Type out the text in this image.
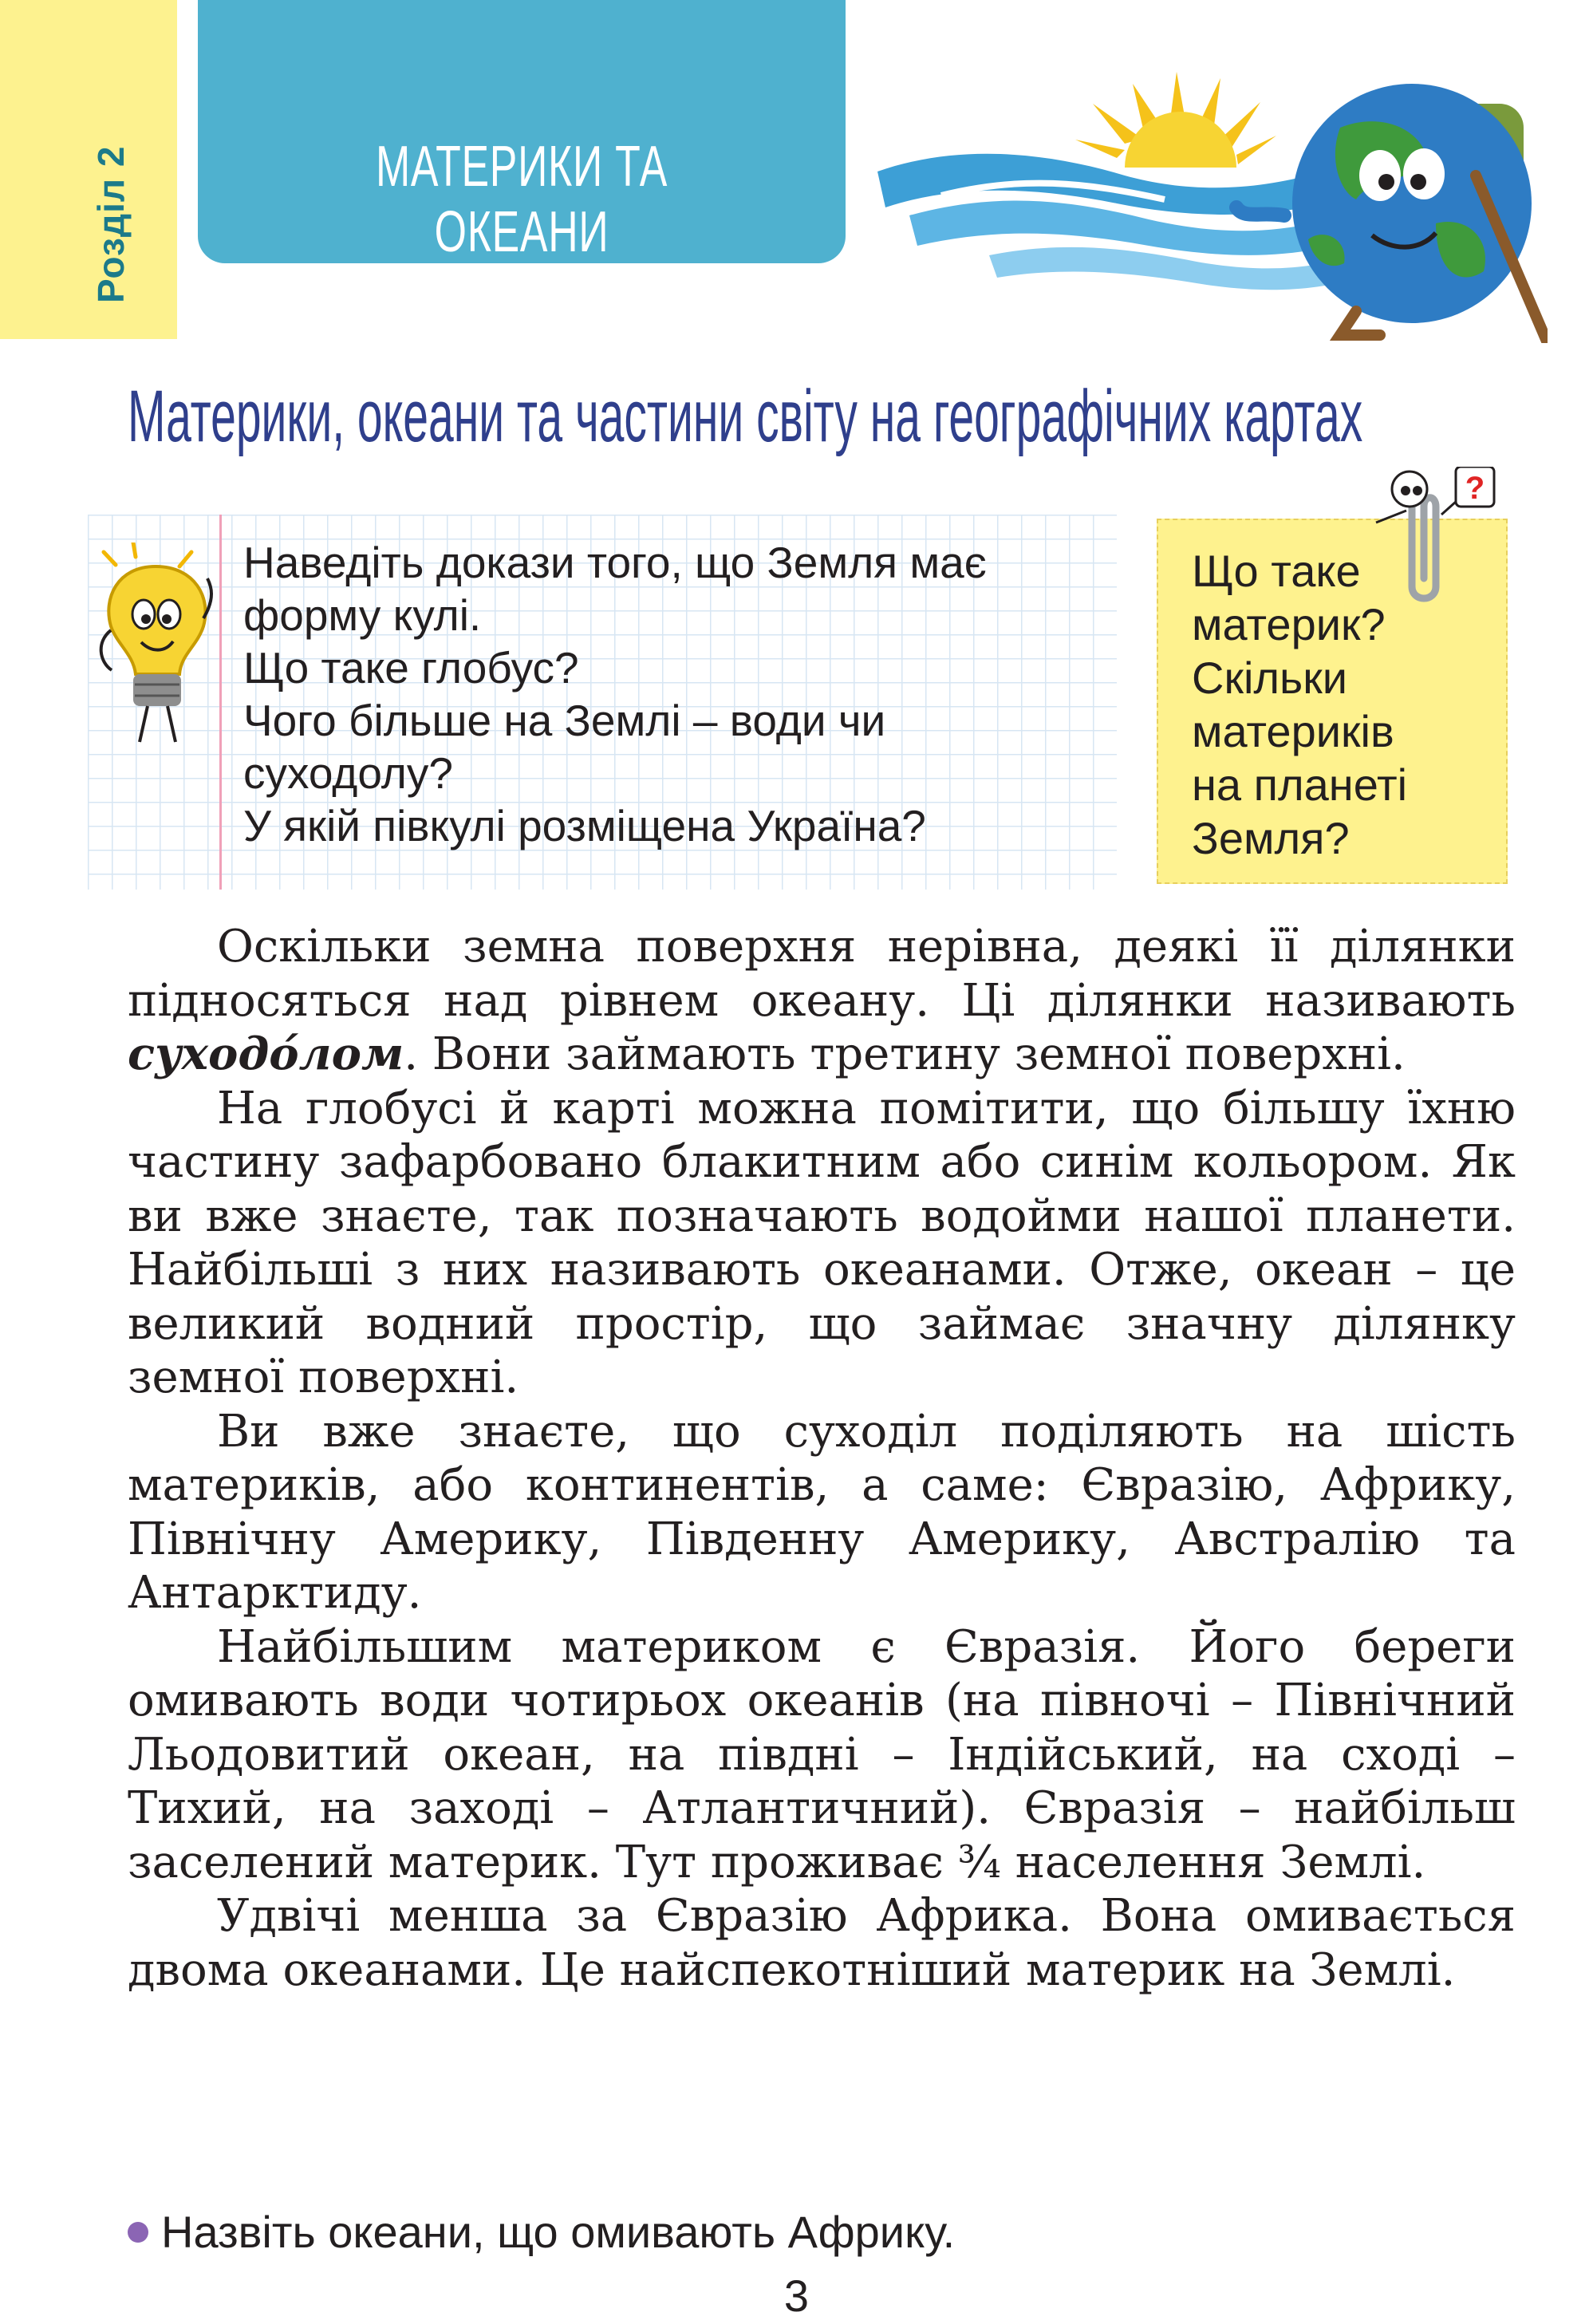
Розділ 2	МАТЕРИКИ ТА ОКЕАНИ
Материки, океани та частини світу на географічних картах
Наведіть докази того, що Земля має
форму кулі.
Що таке глобус?
Чого більше на Землі – води чи
суходолу?
У якій півкулі розміщена Україна?
Що таке
материк?
Скільки
материків
на планеті
Земля?
?

Оскільки земна поверхня нерівна, деякі її ділянки підносяться над рівнем океану. Ці ділянки називають суходо́лом. Вони займають третину земної поверхні.

На глобусі й карті можна помітити, що більшу їхню частину зафарбовано блакитним або синім кольором. Як ви вже знаєте, так позначають водойми нашої планети. Найбільші з них називають океанами. Отже, океан – це великий водний простір, що займає значну ділянку земної поверхні.

Ви вже знаєте, що суходіл поділяють на шість материків, або континентів, а саме: Євразію, Африку, Північну Америку, Південну Америку, Австралію та Антарктиду.

Найбільшим материком є Євразія. Його береги омивають води чотирьох океанів (на півночі – Північний Льодовитий океан, на півдні – Індійський, на сході – Тихий, на заході – Атлантичний). Євразія – найбільш заселений материк. Тут проживає ¾ населення Землі.

Удвічі менша за Євразію Африка. Вона омивається двома океанами. Це найспекотніший материк на Землі.

Назвіть океани, що омивають Африку.
3
